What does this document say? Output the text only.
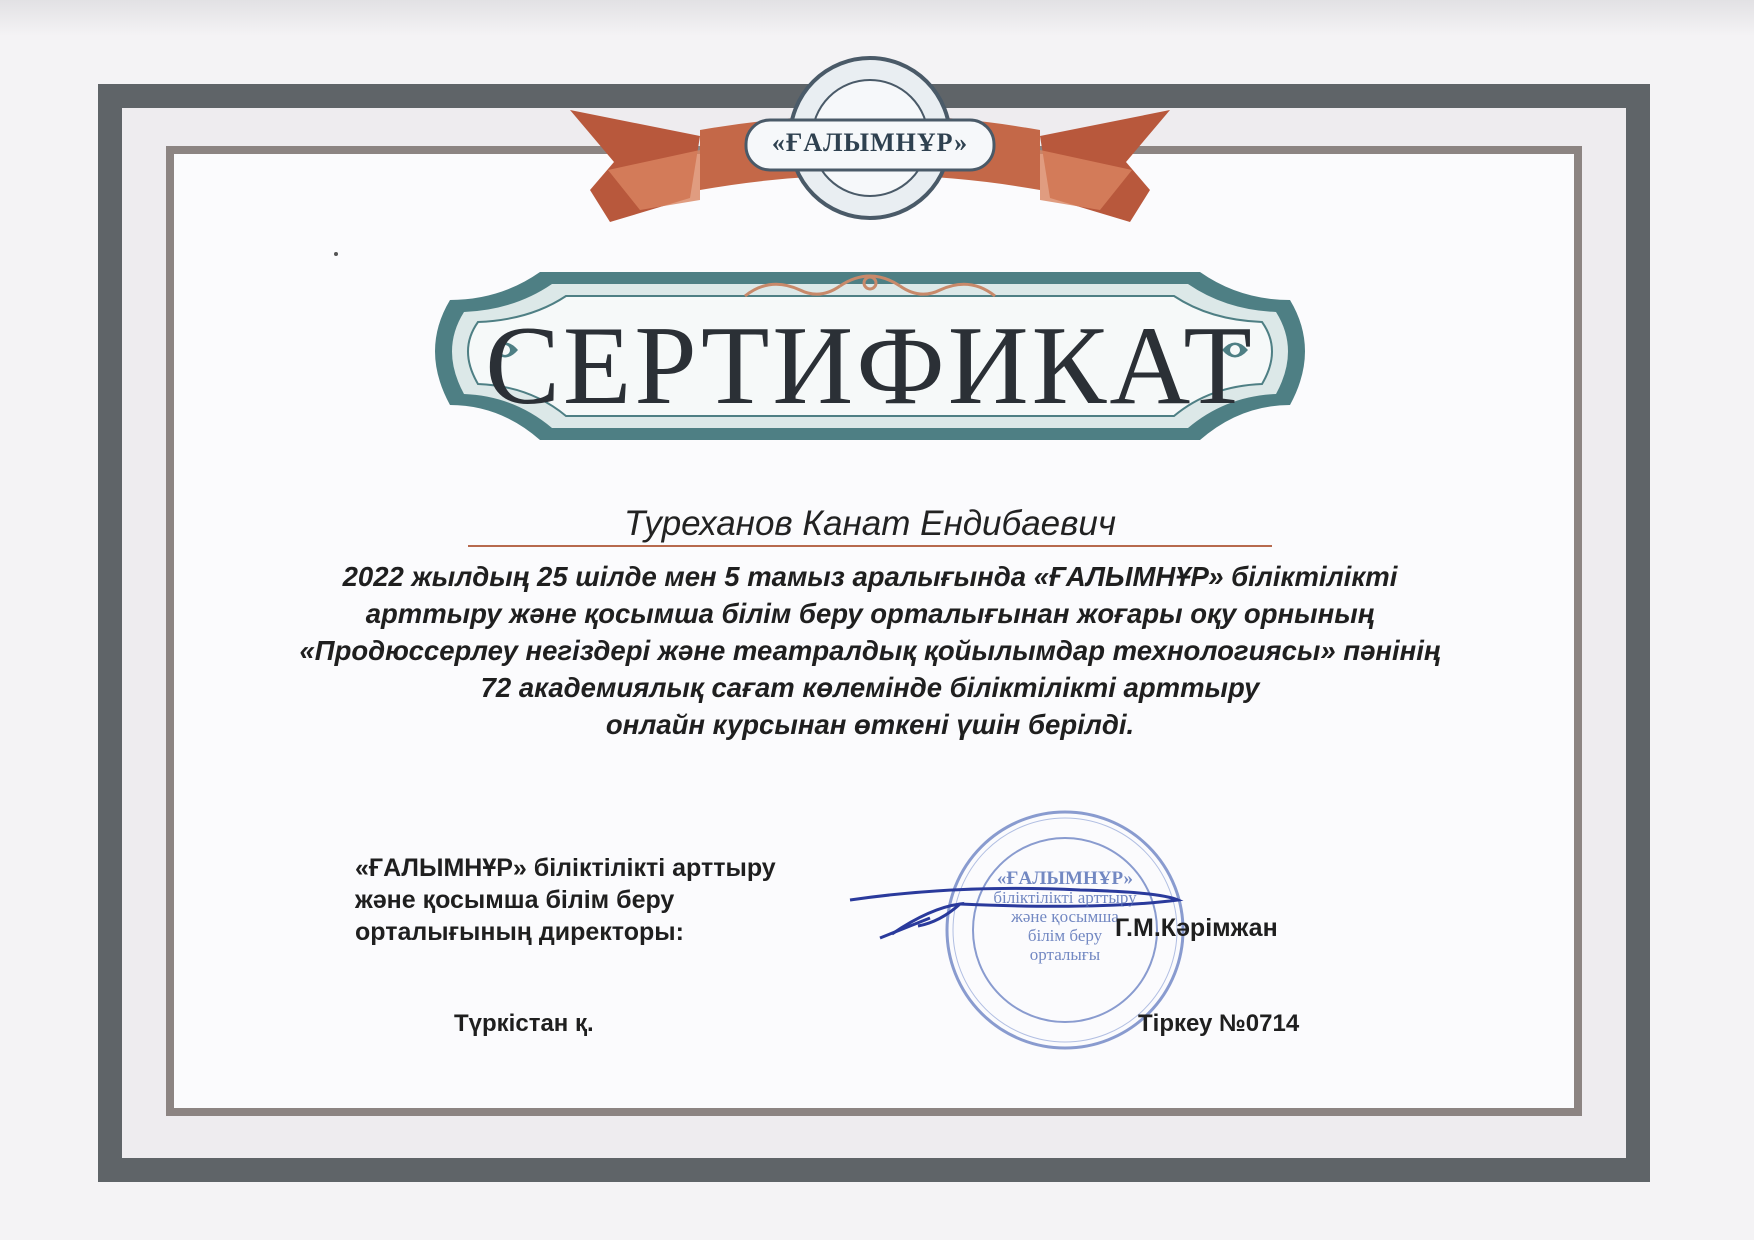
«ҒАЛЫМНҰР»
СЕРТИФИКАТ
Туреханов Канат Ендибаевич
2022 жылдың 25 шілде мен 5 тамыз аралығында «ҒАЛЫМНҰР» біліктілікті
арттыру және қосымша білім беру орталығынан жоғары оқу орнының
«Продюссерлеу негіздері және театралдық қойылымдар технологиясы» пәнінің
72 академиялық сағат көлемінде біліктілікті арттыру
онлайн курсынан өткені үшін берілді.
«ҒАЛЫМНҰР» біліктілікті арттыру
және қосымша білім беру
орталығының директоры:
«ҒАЛЫМНҰР»
біліктілікті арттыру
және қосымша
білім беру
орталығы
Г.М.Кәрімжан
Түркістан қ.	Тіркеу №0714
